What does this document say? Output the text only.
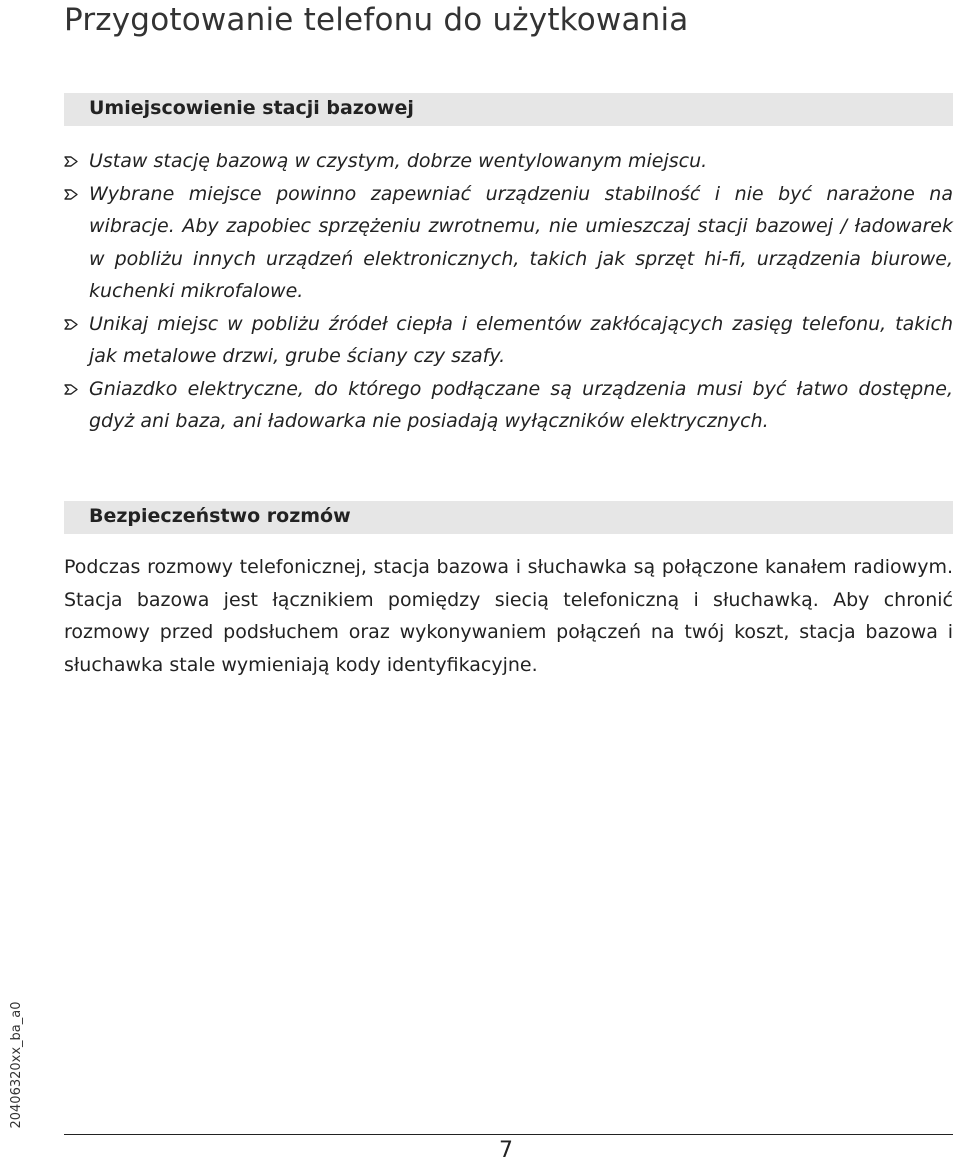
Przygotowanie telefonu do użytkowania
Umiejscowienie stacji bazowej
Ustaw stację bazową w czystym, dobrze wentylowanym miejscu.
Wybrane miejsce powinno zapewniać urządzeniu stabilność i nie być narażone na wibracje. Aby zapobiec sprzężeniu zwrotnemu, nie umieszczaj stacji bazowej / ładowarek w pobliżu innych urządzeń elektronicznych, takich jak sprzęt hi-fi, urządzenia biurowe, kuchenki mikrofalowe.
Unikaj miejsc w pobliżu źródeł ciepła i elementów zakłócających zasięg telefonu, takich jak metalowe drzwi, grube ściany czy szafy.
Gniazdko elektryczne, do którego podłączane są urządzenia musi być łatwo dostępne, gdyż ani baza, ani ładowarka nie posiadają wyłączników elektrycznych.
Bezpieczeństwo rozmów

Podczas rozmowy telefonicznej, stacja bazowa i słuchawka są połączone kanałem radiowym. Stacja bazowa jest łącznikiem pomiędzy siecią telefoniczną i słuchawką. Aby chronić rozmowy przed podsłuchem oraz wykonywaniem połączeń na twój koszt, stacja bazowa i słuchawka stale wymieniają kody identyfikacyjne.

20406320xx_ba_a0
7
